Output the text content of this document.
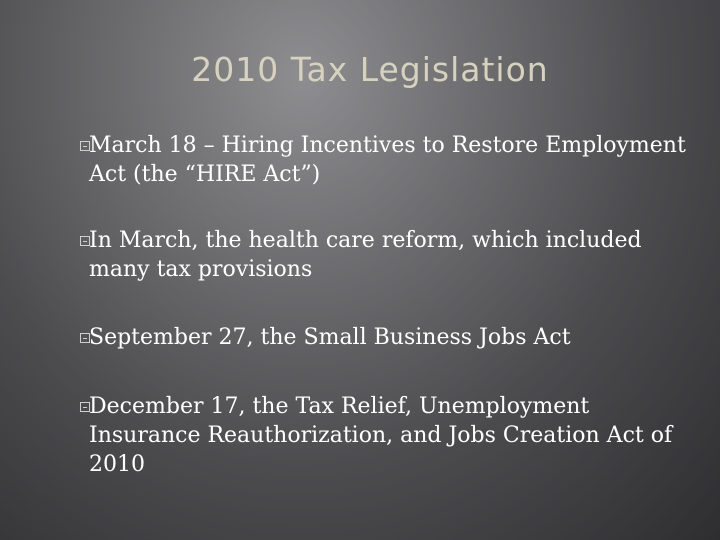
2010 Tax Legislation
March 18 – Hiring Incentives to Restore Employment Act (the “HIRE Act”)
In March, the health care reform, which included many tax provisions
September 27, the Small Business Jobs Act
December 17, the Tax Relief, Unemployment Insurance Reauthorization, and Jobs Creation Act of 2010
